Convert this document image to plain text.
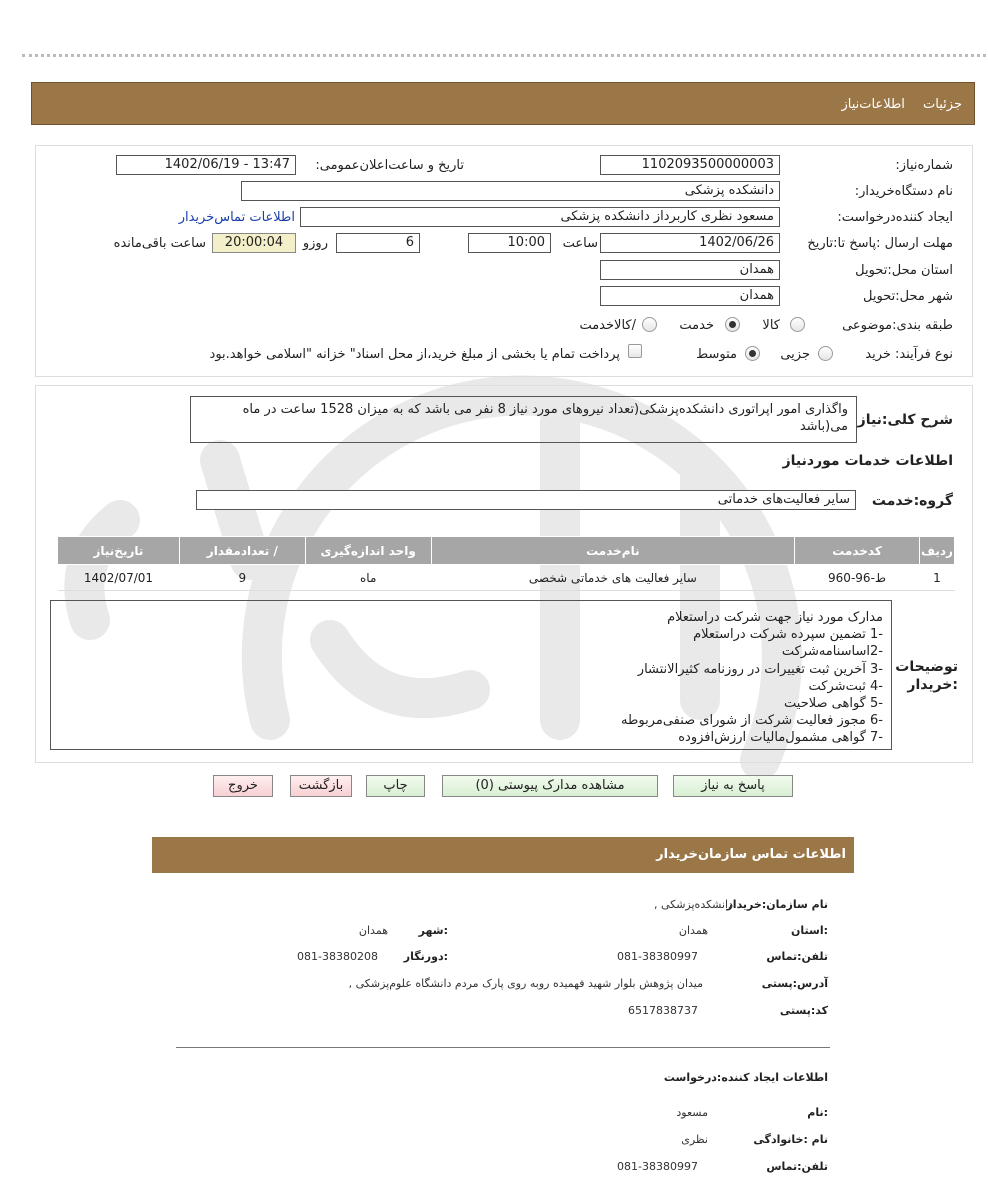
جزئیات اطلاعات‌نیاز
شماره‌نیاز:
1102093500000003
تاریخ و ساعت‌اعلان‌عمومی:
1402/06/19 - 13:47
نام دستگاه‌خریدار:
دانشکده پزشکی
ایجاد کننده‌درخواست:
مسعود نظری کاربرداز دانشکده پزشکی
اطلاعات تماس‌خریدار
مهلت ارسال :پاسخ تا:تاریخ
1402/06/26
ساعت
10:00
6
روزو
20:00:04
ساعت باقی‌مانده
استان محل:تحویل
همدان
شهر محل:تحویل
همدان
طبقه بندی:موضوعی
کالا
خدمت
/کالاخدمت
نوع فرآیند: خرید
جزیی
متوسط
پرداخت تمام یا بخشی از مبلغ خرید،از محل اسناد" خزانه "اسلامی خواهد.بود
شرح کلی:نیاز
واگذاری امور اپراتوری دانشکده‌پزشکی(تعداد نیروهای مورد نیاز 8 نفر می باشد که به میزان 1528 ساعت در ماه می(باشد
اطلاعات خدمات موردنیاز
گروه:خدمت
سایر فعالیت‌های خدماتی
تاریخ‌نیاز	/ تعدادمقدار	واحد اندازه‌گیری	نام‌خدمت	کدخدمت	ردیف
1402/07/01	9	ماه	سایر فعالیت های خدماتی شخصی	ط-96-960	1
توضیحات :خریدار
مدارک مورد نیاز جهت شرکت دراستعلام
-1 تضمین سپرده شرکت دراستعلام
-2اساسنامه‌شرکت
-3 آخرین ثبت تغییرات در روزنامه کثیرالانتشار
-4 ثبت‌شرکت
-5 گواهی صلاحیت
-6 مجوز فعالیت شرکت از شورای صنفی‌مربوطه
-7 گواهی مشمول‌مالیات ارزش‌افزوده
پاسخ به نیاز
مشاهده مدارک پیوستی (0)
چاپ
بازگشت
خروج
اطلاعات تماس سازمان‌خریدار
نام سازمان:خریدار
دانشکده‌پزشکی ,
:استان
همدان
:شهر
همدان
تلفن:تماس
081-38380997
:دورنگار
081-38380208
آدرس:پستی
میدان پژوهش بلوار شهید فهمیده روبه روی پارک مردم دانشگاه علوم‌پزشکی ,
کد:پستی
6517838737
اطلاعات ایجاد کننده:درخواست
:نام
مسعود
نام :خانوادگی
نظری
تلفن:تماس
081-38380997
